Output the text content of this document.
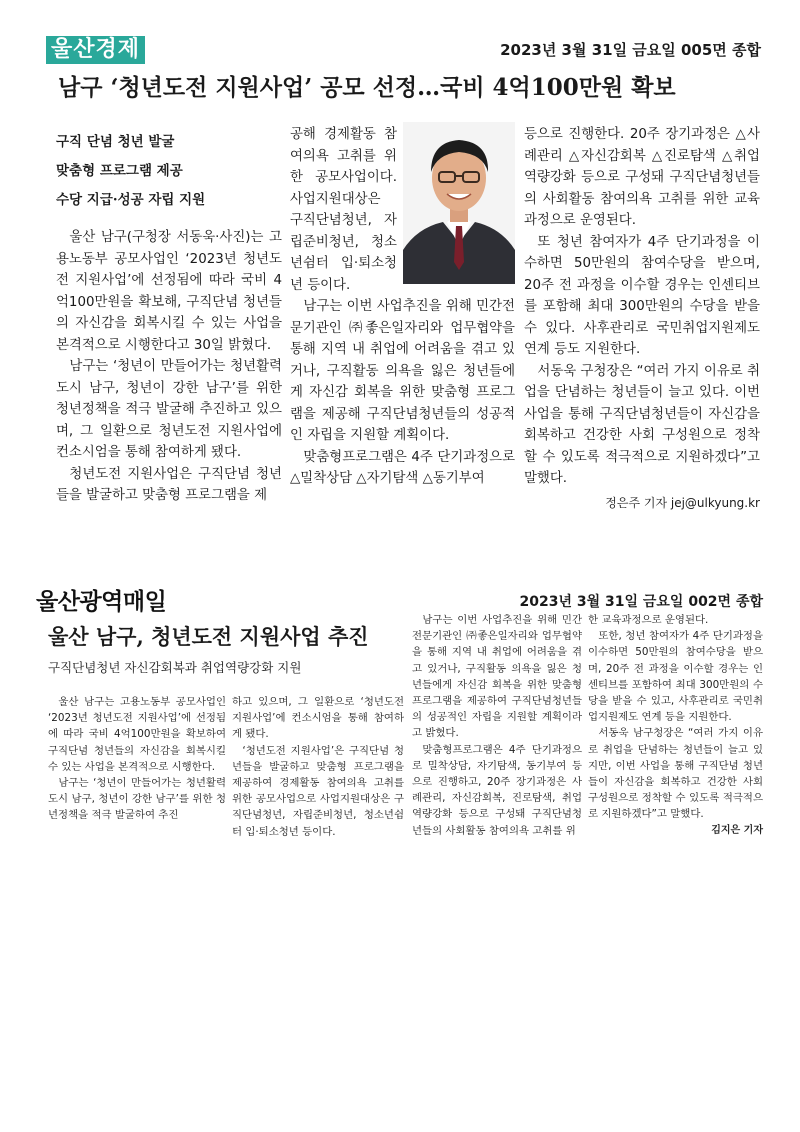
울산경제	2023년 3월 31일 금요일 005면 종합
남구 ‘청년도전 지원사업’ 공모 선정…국비 4억100만원 확보

구직 단념 청년 발굴

맞춤형 프로그램 제공

수당 지급·성공 자립 지원

울산 남구(구청장 서동욱·사진)는 고용노동부 공모사업인 ‘2023년 청년도전 지원사업’에 선정됨에 따라 국비 4억100만원을 확보해, 구직단념 청년들의 자신감을 회복시킬 수 있는 사업을 본격적으로 시행한다고 30일 밝혔다.

남구는 ‘청년이 만들어가는 청년활력도시 남구, 청년이 강한 남구’를 위한 청년정책을 적극 발굴해 추진하고 있으며, 그 일환으로 청년도전 지원사업에 컨소시엄을 통해 참여하게 됐다.

청년도전 지원사업은 구직단념 청년들을 발굴하고 맞춤형 프로그램을 제

공해 경제활동 참여의욕 고취를 위한 공모사업이다. 사업지원대상은 구직단념청년, 자립준비청년, 청소년쉼터 입·퇴소청년 등이다.

남구는 이번 사업추진을 위해 민간전문기관인 ㈜좋은일자리와 업무협약을 통해 지역 내 취업에 어려움을 겪고 있거나, 구직활동 의욕을 잃은 청년들에게 자신감 회복을 위한 맞춤형 프로그램을 제공해 구직단념청년들의 성공적인 자립을 지원할 계획이다.

맞춤형프로그램은 4주 단기과정으로 △밀착상담 △자기탐색 △동기부여

등으로 진행한다. 20주 장기과정은 △사례관리 △자신감회복 △진로탐색 △취업역량강화 등으로 구성돼 구직단념청년들의 사회활동 참여의욕 고취를 위한 교육과정으로 운영된다.

또 청년 참여자가 4주 단기과정을 이수하면 50만원의 참여수당을 받으며, 20주 전 과정을 이수할 경우는 인센티브를 포함해 최대 300만원의 수당을 받을 수 있다. 사후관리로 국민취업지원제도 연계 등도 지원한다.

서동욱 구청장은 “여러 가지 이유로 취업을 단념하는 청년들이 늘고 있다. 이번 사업을 통해 구직단념청년들이 자신감을 회복하고 건강한 사회 구성원으로 정착할 수 있도록 적극적으로 지원하겠다”고 말했다.

정은주 기자 jej@ulkyung.kr
울산광역매일	2023년 3월 31일 금요일 002면 종합
울산 남구, 청년도전 지원사업 추진
구직단념청년 자신감회복과 취업역량강화 지원

울산 남구는 고용노동부 공모사업인 ‘2023년 청년도전 지원사업’에 선정됨에 따라 국비 4억100만원을 확보하여 구직단념 청년들의 자신감을 회복시킬 수 있는 사업을 본격적으로 시행한다.

남구는 ‘청년이 만들어가는 청년활력도시 남구, 청년이 강한 남구’를 위한 청년정책을 적극 발굴하여 추진

하고 있으며, 그 일환으로 ‘청년도전 지원사업’에 컨소시엄을 통해 참여하게 됐다.

‘청년도전 지원사업’은 구직단념 청년들을 발굴하고 맞춤형 프로그램을 제공하여 경제활동 참여의욕 고취를 위한 공모사업으로 사업지원대상은 구직단념청년, 자립준비청년, 청소년쉼터 입·퇴소청년 등이다.

남구는 이번 사업추진을 위해 민간전문기관인 ㈜좋은일자리와 업무협약을 통해 지역 내 취업에 어려움을 겪고 있거나, 구직활동 의욕을 잃은 청년들에게 자신감 회복을 위한 맞춤형 프로그램을 제공하여 구직단념청년들의 성공적인 자립을 지원할 계획이라고 밝혔다.

맞춤형프로그램은 4주 단기과정으로 밀착상담, 자기탐색, 동기부여 등으로 진행하고, 20주 장기과정은 사례관리, 자신감회복, 진로탐색, 취업역량강화 등으로 구성돼 구직단념청년들의 사회활동 참여의욕 고취를 위

한 교육과정으로 운영된다.

또한, 청년 참여자가 4주 단기과정을 이수하면 50만원의 참여수당을 받으며, 20주 전 과정을 이수할 경우는 인센티브를 포함하여 최대 300만원의 수당을 받을 수 있고, 사후관리로 국민취업지원제도 연계 등을 지원한다.

서동욱 남구청장은 “여러 가지 이유로 취업을 단념하는 청년들이 늘고 있지만, 이번 사업을 통해 구직단념 청년들이 자신감을 회복하고 건강한 사회 구성원으로 정착할 수 있도록 적극적으로 지원하겠다”고 말했다.

김지은 기자
